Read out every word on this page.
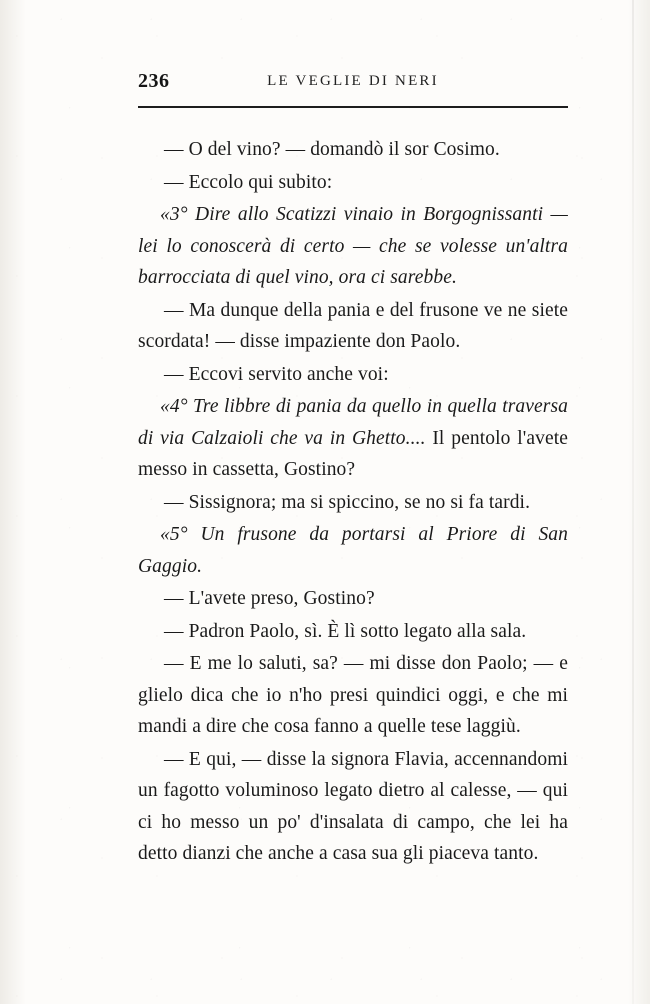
236	LE VEGLIE DI NERI

— O del vino? — domandò il sor Cosimo.

— Eccolo qui subito:

«3° Dire allo Scatizzi vinaio in Borgognissanti — lei lo conoscerà di certo — che se volesse un'altra barrocciata di quel vino, ora ci sarebbe.

— Ma dunque della pania e del frusone ve ne siete scordata! — disse impaziente don Paolo.

— Eccovi servito anche voi:

«4° Tre libbre di pania da quello in quella traversa di via Calzaioli che va in Ghetto.... Il pentolo l'avete messo in cassetta, Gostino?

— Sissignora; ma si spiccino, se no si fa tardi.

«5° Un frusone da portarsi al Priore di San Gaggio.

— L'avete preso, Gostino?

— Padron Paolo, sì. È lì sotto legato alla sala.

— E me lo saluti, sa? — mi disse don Paolo; — e glielo dica che io n'ho presi quindici oggi, e che mi mandi a dire che cosa fanno a quelle tese laggiù.

— E qui, — disse la signora Flavia, accennandomi un fagotto voluminoso legato dietro al calesse, — qui ci ho messo un po' d'insalata di campo, che lei ha detto dianzi che anche a casa sua gli piaceva tanto.
